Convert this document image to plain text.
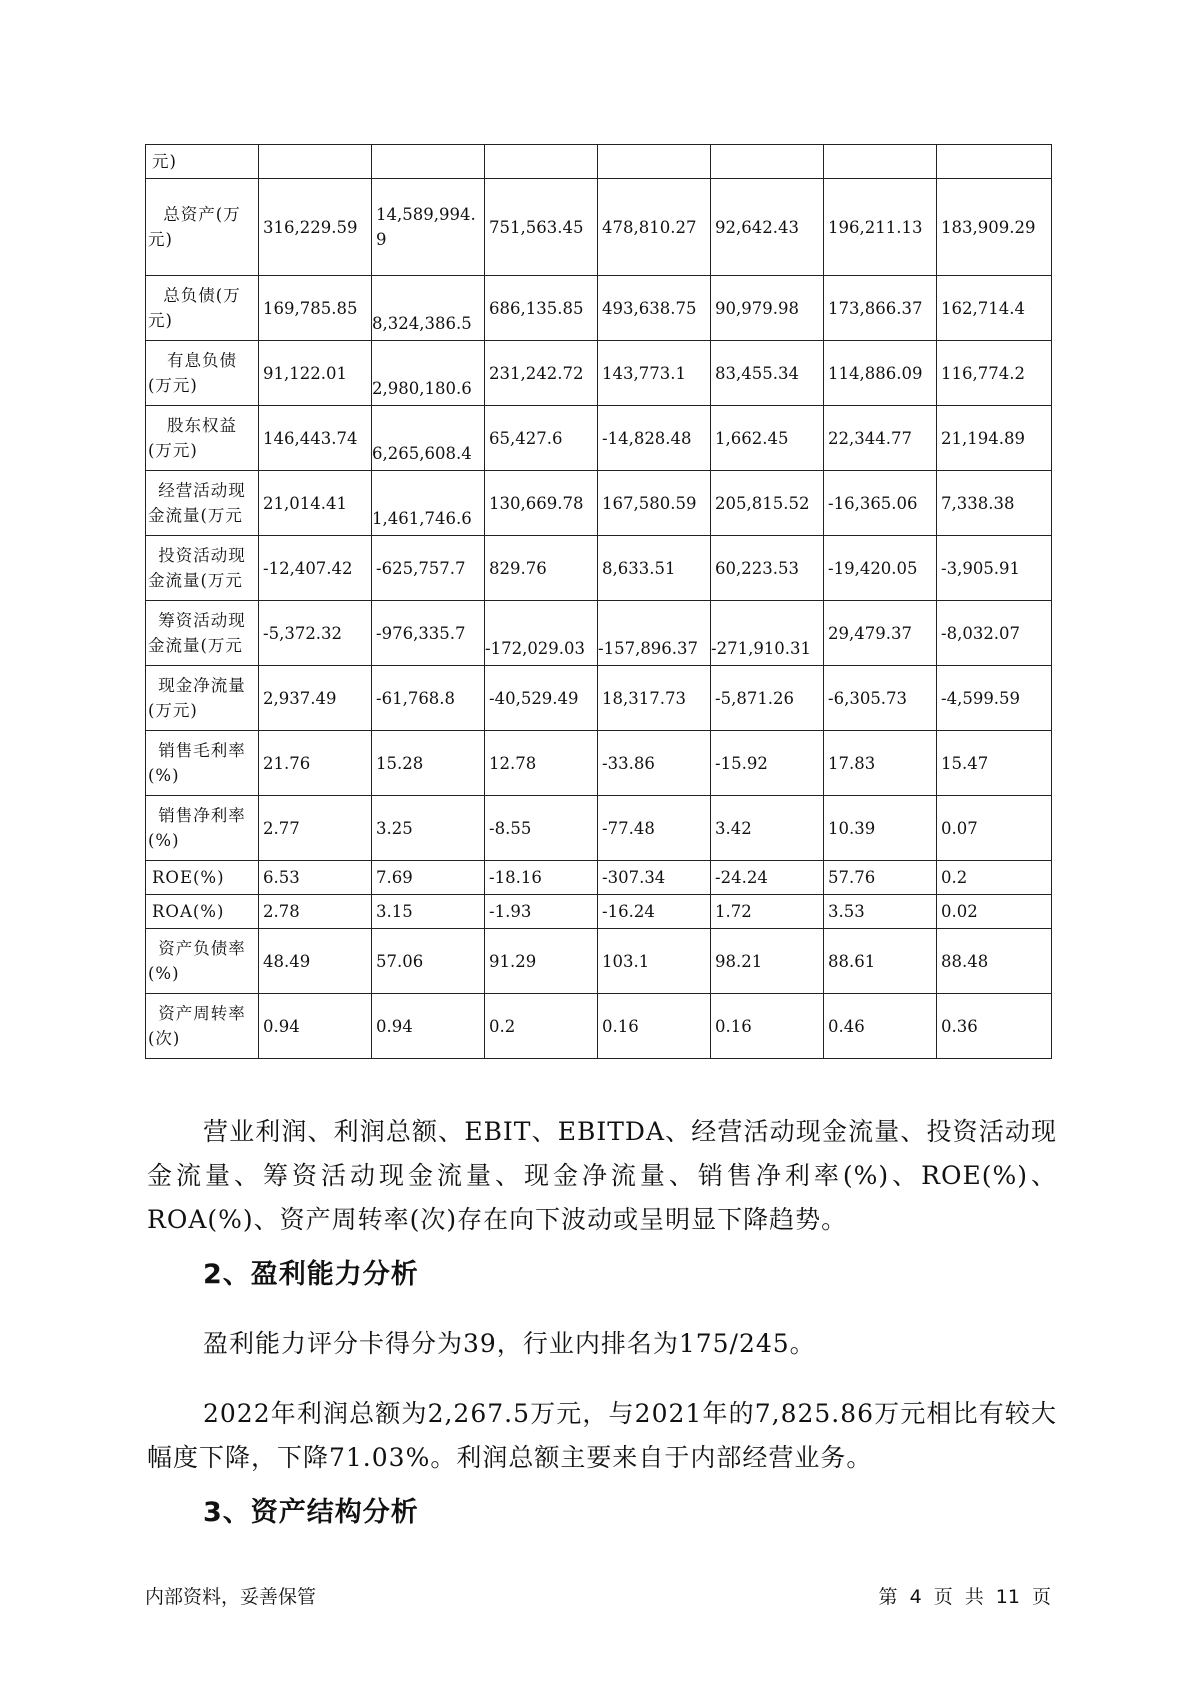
元)							

总资产(万
元)	316,229.59	14,589,994.9	751,563.45	478,810.27	92,642.43	196,211.13	183,909.29

总负债(万
元)	169,785.85	8,324,386.5	686,135.85	493,638.75	90,979.98	173,866.37	162,714.4

有息负债
(万元)	91,122.01	2,980,180.6	231,242.72	143,773.1	83,455.34	114,886.09	116,774.2

股东权益
(万元)	146,443.74	6,265,608.4	65,427.6	-14,828.48	1,662.45	22,344.77	21,194.89

经营活动现
金流量(万元	21,014.41	1,461,746.6	130,669.78	167,580.59	205,815.52	-16,365.06	7,338.38

投资活动现
金流量(万元	-12,407.42	-625,757.7	829.76	8,633.51	60,223.53	-19,420.05	-3,905.91

筹资活动现
金流量(万元	-5,372.32	-976,335.7	-172,029.03	-157,896.37	-271,910.31	29,479.37	-8,032.07

现金净流量
(万元)	2,937.49	-61,768.8	-40,529.49	18,317.73	-5,871.26	-6,305.73	-4,599.59

销售毛利率
(%)	21.76	15.28	12.78	-33.86	-15.92	17.83	15.47

销售净利率
(%)	2.77	3.25	-8.55	-77.48	3.42	10.39	0.07

ROE(%)	6.53	7.69	-18.16	-307.34	-24.24	57.76	0.2

ROA(%)	2.78	3.15	-1.93	-16.24	1.72	3.53	0.02

资产负债率
(%)	48.49	57.06	91.29	103.1	98.21	88.61	88.48

资产周转率
(次)	0.94	0.94	0.2	0.16	0.16	0.46	0.36

营业利润、利润总额、EBIT、EBITDA、经营活动现金流量、投资活动现金流量、筹资活动现金流量、现金净流量、销售净利率(%)、ROE(%)、ROA(%)、资产周转率(次)存在向下波动或呈明显下降趋势。

2、盈利能力分析

盈利能力评分卡得分为39，行业内排名为175/245。

2022年利润总额为2,267.5万元，与2021年的7,825.86万元相比有较大幅度下降，下降71.03%。利润总额主要来自于内部经营业务。

3、资产结构分析
内部资料，妥善保管	第 4 页 共 11 页
